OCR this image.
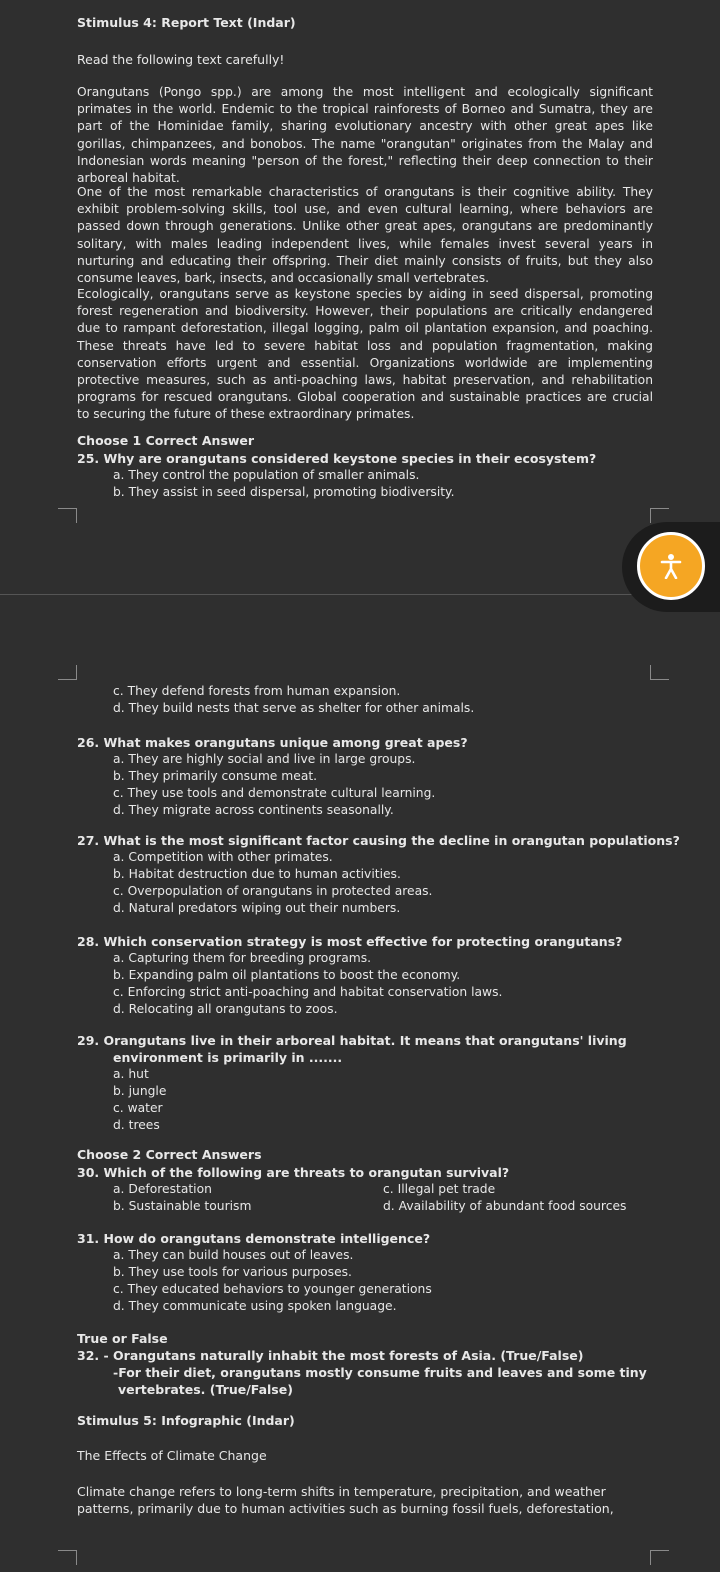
Stimulus 4: Report Text (Indar)

Read the following text carefully!

Orangutans (Pongo spp.) are among the most intelligent and ecologically significant primates in the world. Endemic to the tropical rainforests of Borneo and Sumatra, they are part of the Hominidae family, sharing evolutionary ancestry with other great apes like gorillas, chimpanzees, and bonobos. The name "orangutan" originates from the Malay and Indonesian words meaning "person of the forest," reflecting their deep connection to their arboreal habitat.

One of the most remarkable characteristics of orangutans is their cognitive ability. They exhibit problem-solving skills, tool use, and even cultural learning, where behaviors are passed down through generations. Unlike other great apes, orangutans are predominantly solitary, with males leading independent lives, while females invest several years in nurturing and educating their offspring. Their diet mainly consists of fruits, but they also consume leaves, bark, insects, and occasionally small vertebrates.

Ecologically, orangutans serve as keystone species by aiding in seed dispersal, promoting forest regeneration and biodiversity. However, their populations are critically endangered due to rampant deforestation, illegal logging, palm oil plantation expansion, and poaching. These threats have led to severe habitat loss and population fragmentation, making conservation efforts urgent and essential. Organizations worldwide are implementing protective measures, such as anti-poaching laws, habitat preservation, and rehabilitation programs for rescued orangutans. Global cooperation and sustainable practices are crucial to securing the future of these extraordinary primates.

Choose 1 Correct Answer

25. Why are orangutans considered keystone species in their ecosystem?

a. They control the population of smaller animals.
b. They assist in seed dispersal, promoting biodiversity.
c. They defend forests from human expansion.
d. They build nests that serve as shelter for other animals.

26. What makes orangutans unique among great apes?

a. They are highly social and live in large groups.
b. They primarily consume meat.
c. They use tools and demonstrate cultural learning.
d. They migrate across continents seasonally.

27. What is the most significant factor causing the decline in orangutan populations?

a. Competition with other primates.
b. Habitat destruction due to human activities.
c. Overpopulation of orangutans in protected areas.
d. Natural predators wiping out their numbers.

28. Which conservation strategy is most effective for protecting orangutans?

a. Capturing them for breeding programs.
b. Expanding palm oil plantations to boost the economy.
c. Enforcing strict anti-poaching and habitat conservation laws.
d. Relocating all orangutans to zoos.

29. Orangutans live in their arboreal habitat. It means that orangutans' living

environment is primarily in .......

a. hut
b. jungle
c. water
d. trees

Choose 2 Correct Answers

30. Which of the following are threats to orangutan survival?

a. Deforestation	c. Illegal pet trade
b. Sustainable tourism	d. Availability of abundant food sources

31. How do orangutans demonstrate intelligence?

a. They can build houses out of leaves.
b. They use tools for various purposes.
c. They educated behaviors to younger generations
d. They communicate using spoken language.

True or False

32. - Orangutans naturally inhabit the most forests of Asia. (True/False)

-For their diet, orangutans mostly consume fruits and leaves and some tiny

vertebrates. (True/False)

Stimulus 5: Infographic (Indar)

The Effects of Climate Change

Climate change refers to long-term shifts in temperature, precipitation, and weather

patterns, primarily due to human activities such as burning fossil fuels, deforestation,
